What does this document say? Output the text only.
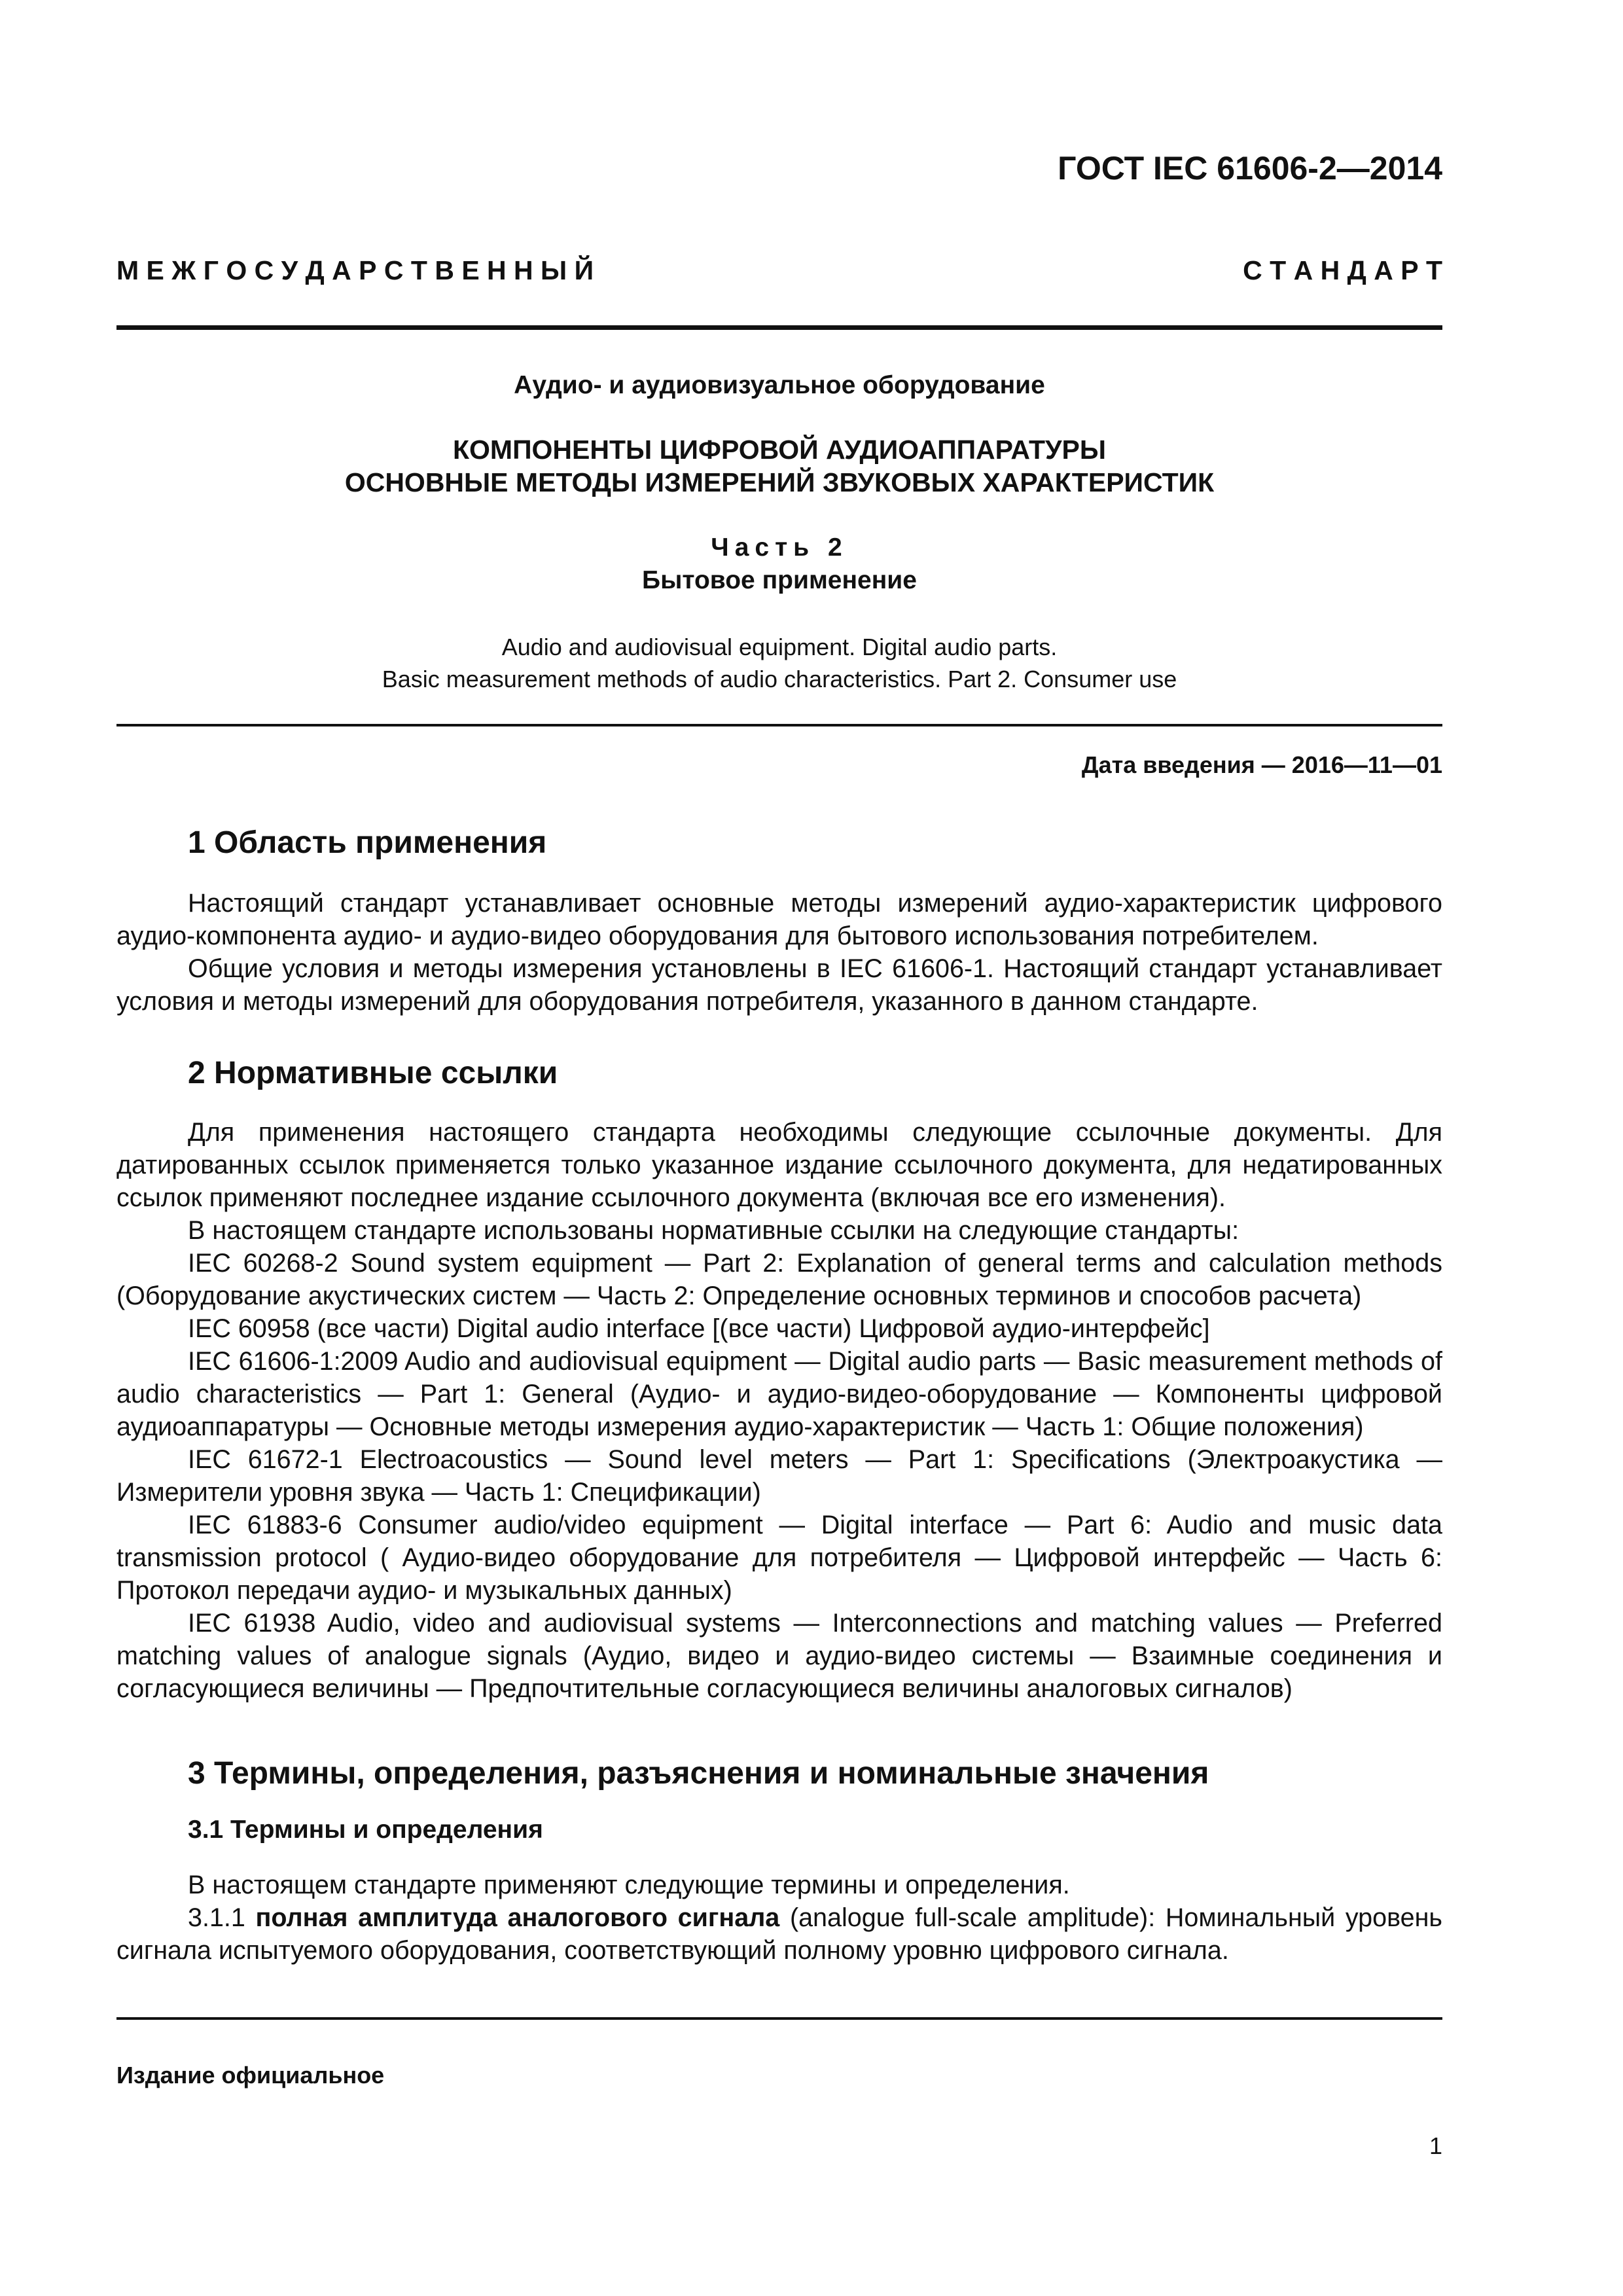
ГОСТ IEC 61606-2—2014
М Е Ж Г О С У Д А Р С Т В Е Н Н Ы Й	С Т А Н Д А Р Т
Аудио- и аудиовизуальное оборудование
КОМПОНЕНТЫ ЦИФРОВОЙ АУДИОАППАРАТУРЫ
ОСНОВНЫЕ МЕТОДЫ ИЗМЕРЕНИЙ ЗВУКОВЫХ ХАРАКТЕРИСТИК
Часть 2
Бытовое применение
Audio and audiovisual equipment. Digital audio parts.
Basic measurement methods of audio characteristics. Part 2. Consumer use
Дата введения — 2016—11—01
1 Область применения

Настоящий стандарт устанавливает основные методы измерений аудио-характеристик цифрового аудио-компонента аудио- и аудио-видео оборудования для бытового использования потребителем.

Общие условия и методы измерения установлены в IEC 61606-1. Настоящий стандарт устанавливает условия и методы измерений для оборудования потребителя, указанного в данном стандарте.

2 Нормативные ссылки

Для применения настоящего стандарта необходимы следующие ссылочные документы. Для датированных ссылок применяется только указанное издание ссылочного документа, для недатированных ссылок применяют последнее издание ссылочного документа (включая все его изменения).

В настоящем стандарте использованы нормативные ссылки на следующие стандарты:

IEC 60268-2 Sound system equipment — Part 2: Explanation of general terms and calculation methods (Оборудование акустических систем — Часть 2: Определение основных терминов и способов расчета)

IEC 60958 (все части) Digital audio interface [(все части) Цифровой аудио-интерфейс]

IEC 61606-1:2009 Audio and audiovisual equipment — Digital audio parts — Basic measurement methods of audio characteristics — Part 1: General (Аудио- и аудио-видео-оборудование — Компоненты цифровой аудиоаппаратуры — Основные методы измерения аудио-характеристик — Часть 1: Общие положения)

IEC 61672-1 Electroacoustics — Sound level meters — Part 1: Specifications (Электроакустика — Измерители уровня звука — Часть 1: Спецификации)

IEC 61883-6 Consumer audio/video equipment — Digital interface — Part 6: Audio and music data transmission protocol ( Аудио-видео оборудование для потребителя — Цифровой интерфейс — Часть 6: Протокол передачи аудио- и музыкальных данных)

IEC 61938 Audio, video and audiovisual systems — Interconnections and matching values — Preferred matching values of analogue signals (Аудио, видео и аудио-видео системы — Взаимные соединения и согласующиеся величины — Предпочтительные согласующиеся величины аналоговых сигналов)

3 Термины, определения, разъяснения и номинальные значения
3.1 Термины и определения

В настоящем стандарте применяют следующие термины и определения.

3.1.1 полная амплитуда аналогового сигнала (analogue full-scale amplitude): Номинальный уровень сигнала испытуемого оборудования, соответствующий полному уровню цифрового сигнала.

Издание официальное
1
